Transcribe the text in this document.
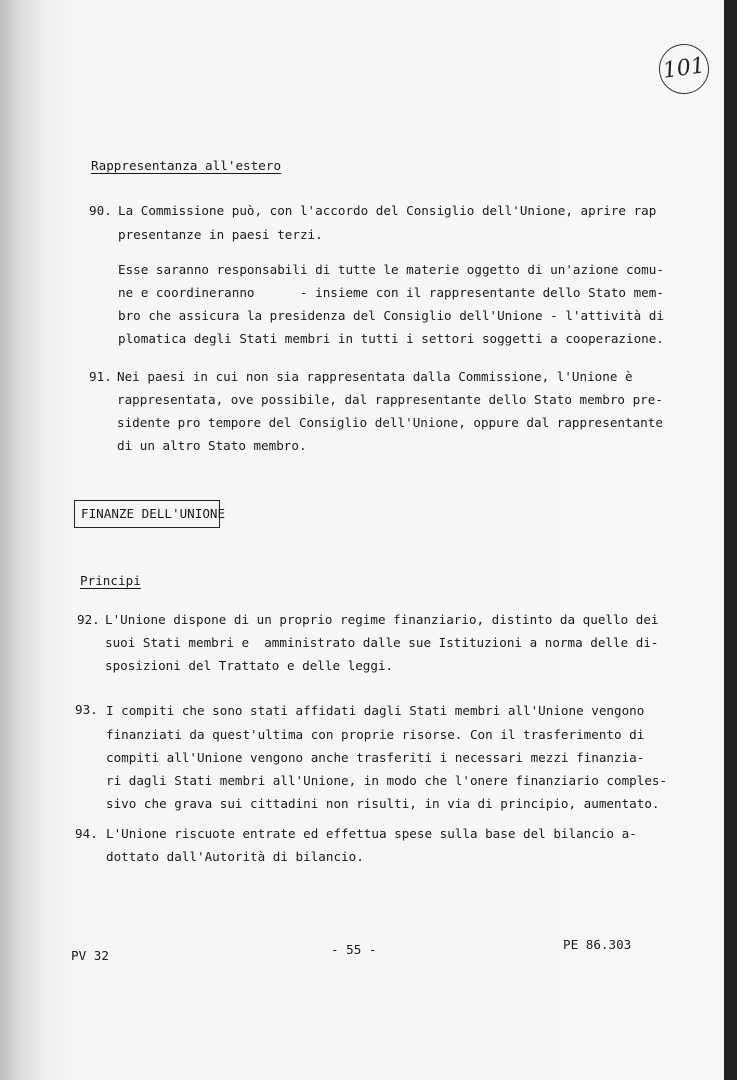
101
Rappresentanza all'estero
90. La Commissione può, con l'accordo del Consiglio dell'Unione, aprire rap
presentanze in paesi terzi.
Esse saranno responsabili di tutte le materie oggetto di un'azione comu-
ne e coordineranno      - insieme con il rappresentante dello Stato mem-
bro che assicura la presidenza del Consiglio dell'Unione - l'attività di
plomatica degli Stati membri in tutti i settori soggetti a cooperazione.
91. Nei paesi in cui non sia rappresentata dalla Commissione, l'Unione è
rappresentata, ove possibile, dal rappresentante dello Stato membro pre-
sidente pro tempore del Consiglio dell'Unione, oppure dal rappresentante
di un altro Stato membro.
FINANZE DELL'UNIONE
Principi
92. L'Unione dispone di un proprio regime finanziario, distinto da quello dei
suoi Stati membri e  amministrato dalle sue Istituzioni a norma delle di-
sposizioni del Trattato e delle leggi.
93. I compiti che sono stati affidati dagli Stati membri all'Unione vengono
finanziati da quest'ultima con proprie risorse. Con il trasferimento di
compiti all'Unione vengono anche trasferiti i necessari mezzi finanzia-
ri dagli Stati membri all'Unione, in modo che l'onere finanziario comples-
sivo che grava sui cittadini non risulti, in via di principio, aumentato.
94. L'Unione riscuote entrate ed effettua spese sulla base del bilancio a-
dottato dall'Autorità di bilancio.
PV 32	- 55 -	PE 86.303
